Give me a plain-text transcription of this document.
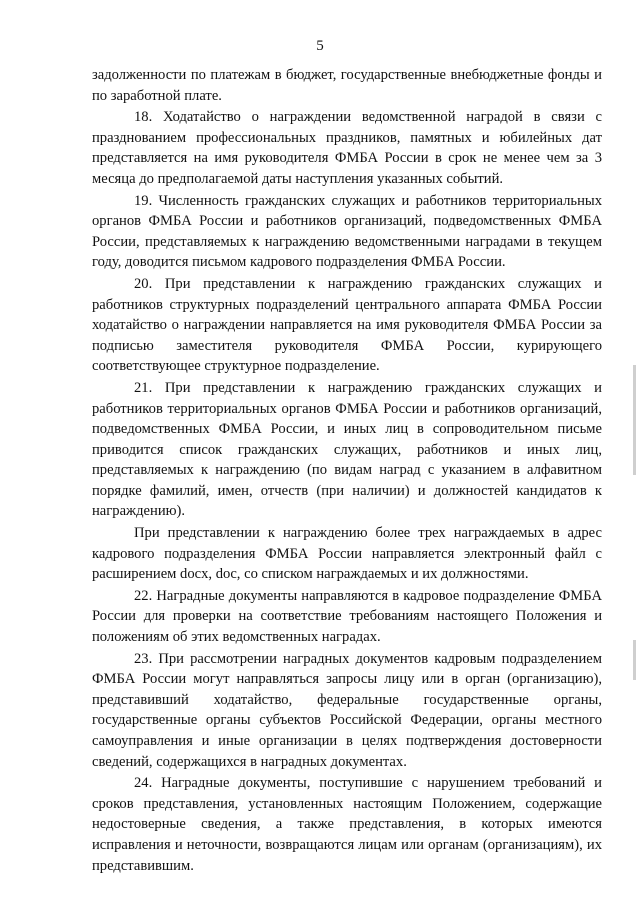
5

задолженности по платежам в бюджет, государственные внебюджетные фонды и по заработной плате.

18. Ходатайство о награждении ведомственной наградой в связи с празднованием профессиональных праздников, памятных и юбилейных дат представляется на имя руководителя ФМБА России в срок не менее чем за 3 месяца до предполагаемой даты наступления указанных событий.

19. Численность гражданских служащих и работников территориальных органов ФМБА России и работников организаций, подведомственных ФМБА России, представляемых к награждению ведомственными наградами в текущем году, доводится письмом кадрового подразделения ФМБА России.

20. При представлении к награждению гражданских служащих и работников структурных подразделений центрального аппарата ФМБА России ходатайство о награждении направляется на имя руководителя ФМБА России за подписью заместителя руководителя ФМБА России, курирующего соответствующее структурное подразделение.

21. При представлении к награждению гражданских служащих и работников территориальных органов ФМБА России и работников организаций, подведомственных ФМБА России, и иных лиц в сопроводительном письме приводится список гражданских служащих, работников и иных лиц, представляемых к награждению (по видам наград с указанием в алфавитном порядке фамилий, имен, отчеств (при наличии) и должностей кандидатов к награждению).

При представлении к награждению более трех награждаемых в адрес кадрового подразделения ФМБА России направляется электронный файл с расширением docx, doc, со списком награждаемых и их должностями.

22. Наградные документы направляются в кадровое подразделение ФМБА России для проверки на соответствие требованиям настоящего Положения и положениям об этих ведомственных наградах.

23. При рассмотрении наградных документов кадровым подразделением ФМБА России могут направляться запросы лицу или в орган (организацию), представивший ходатайство, федеральные государственные органы, государственные органы субъектов Российской Федерации, органы местного самоуправления и иные организации в целях подтверждения достоверности сведений, содержащихся в наградных документах.

24. Наградные документы, поступившие с нарушением требований и сроков представления, установленных настоящим Положением, содержащие недостоверные сведения, а также представления, в которых имеются исправления и неточности, возвращаются лицам или органам (организациям), их представившим.
